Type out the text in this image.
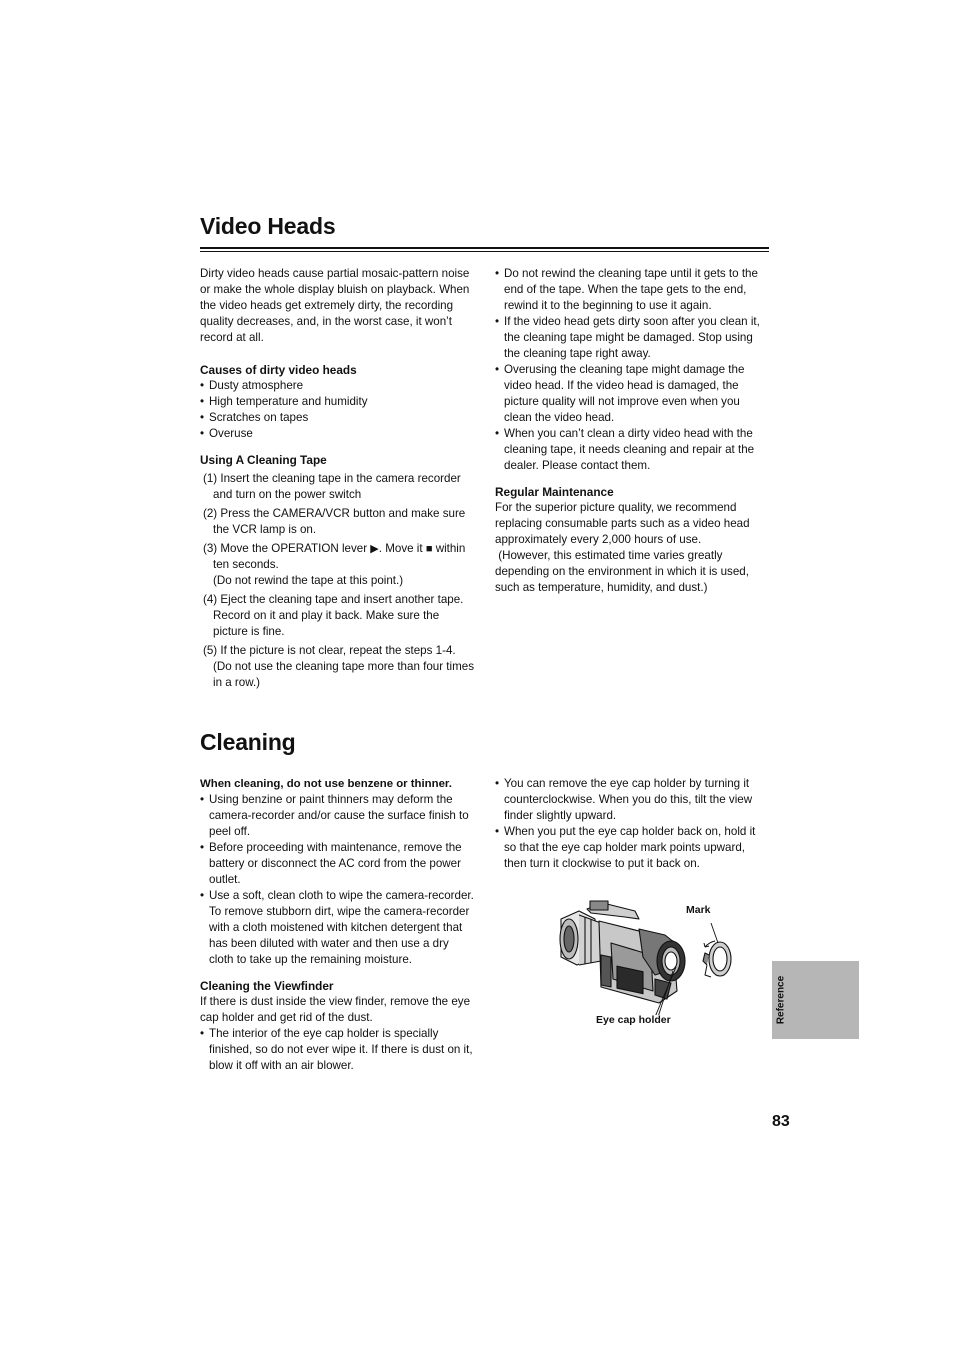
Video Heads

Dirty video heads cause partial mosaic-pattern noise or make the whole display bluish on playback. When the video heads get extremely dirty, the recording quality decreases, and, in the worst case, it won’t record at all.

Causes of dirty video heads

• Dusty atmosphere

• High temperature and humidity

• Scratches on tapes

• Overuse

Using A Cleaning Tape

(1) Insert the cleaning tape in the camera recorder and turn on the power switch

(2) Press the CAMERA/VCR button and make sure the VCR lamp is on.

(3) Move the OPERATION lever ▶. Move it ■ within ten seconds.

(Do not rewind the tape at this point.)

(4) Eject the cleaning tape and insert another tape. Record on it and play it back. Make sure the picture is fine.

(5) If the picture is not clear, repeat the steps 1-4. (Do not use the cleaning tape more than four times in a row.)

• Do not rewind the cleaning tape until it gets to the end of the tape. When the tape gets to the end, rewind it to the beginning to use it again.

• If the video head gets dirty soon after you clean it, the cleaning tape might be damaged. Stop using the cleaning tape right away.

• Overusing the cleaning tape might damage the video head. If the video head is damaged, the picture quality will not improve even when you clean the video head.

• When you can’t clean a dirty video head with the cleaning tape, it needs cleaning and repair at the dealer. Please contact them.

Regular Maintenance

For the superior picture quality, we recommend replacing consumable parts such as a video head approximately every 2,000 hours of use.

(However, this estimated time varies greatly depending on the environment in which it is used, such as temperature, humidity, and dust.)

Cleaning

When cleaning, do not use benzene or thinner.

• Using benzine or paint thinners may deform the camera-recorder and/or cause the surface finish to peel off.

• Before proceeding with maintenance, remove the battery or disconnect the AC cord from the power outlet.

• Use a soft, clean cloth to wipe the camera-recorder. To remove stubborn dirt, wipe the camera-recorder with a cloth moistened with kitchen detergent that has been diluted with water and then use a dry cloth to take up the remaining moisture.

Cleaning the Viewfinder

If there is dust inside the view finder, remove the eye cap holder and get rid of the dust.

• The interior of the eye cap holder is specially finished, so do not ever wipe it. If there is dust on it, blow it off with an air blower.

• You can remove the eye cap holder by turning it counterclockwise. When you do this, tilt the view finder slightly upward.

• When you put the eye cap holder back on, hold it so that the eye cap holder mark points upward, then turn it clockwise to put it back on.

Mark
Eye cap holder	Reference
83
